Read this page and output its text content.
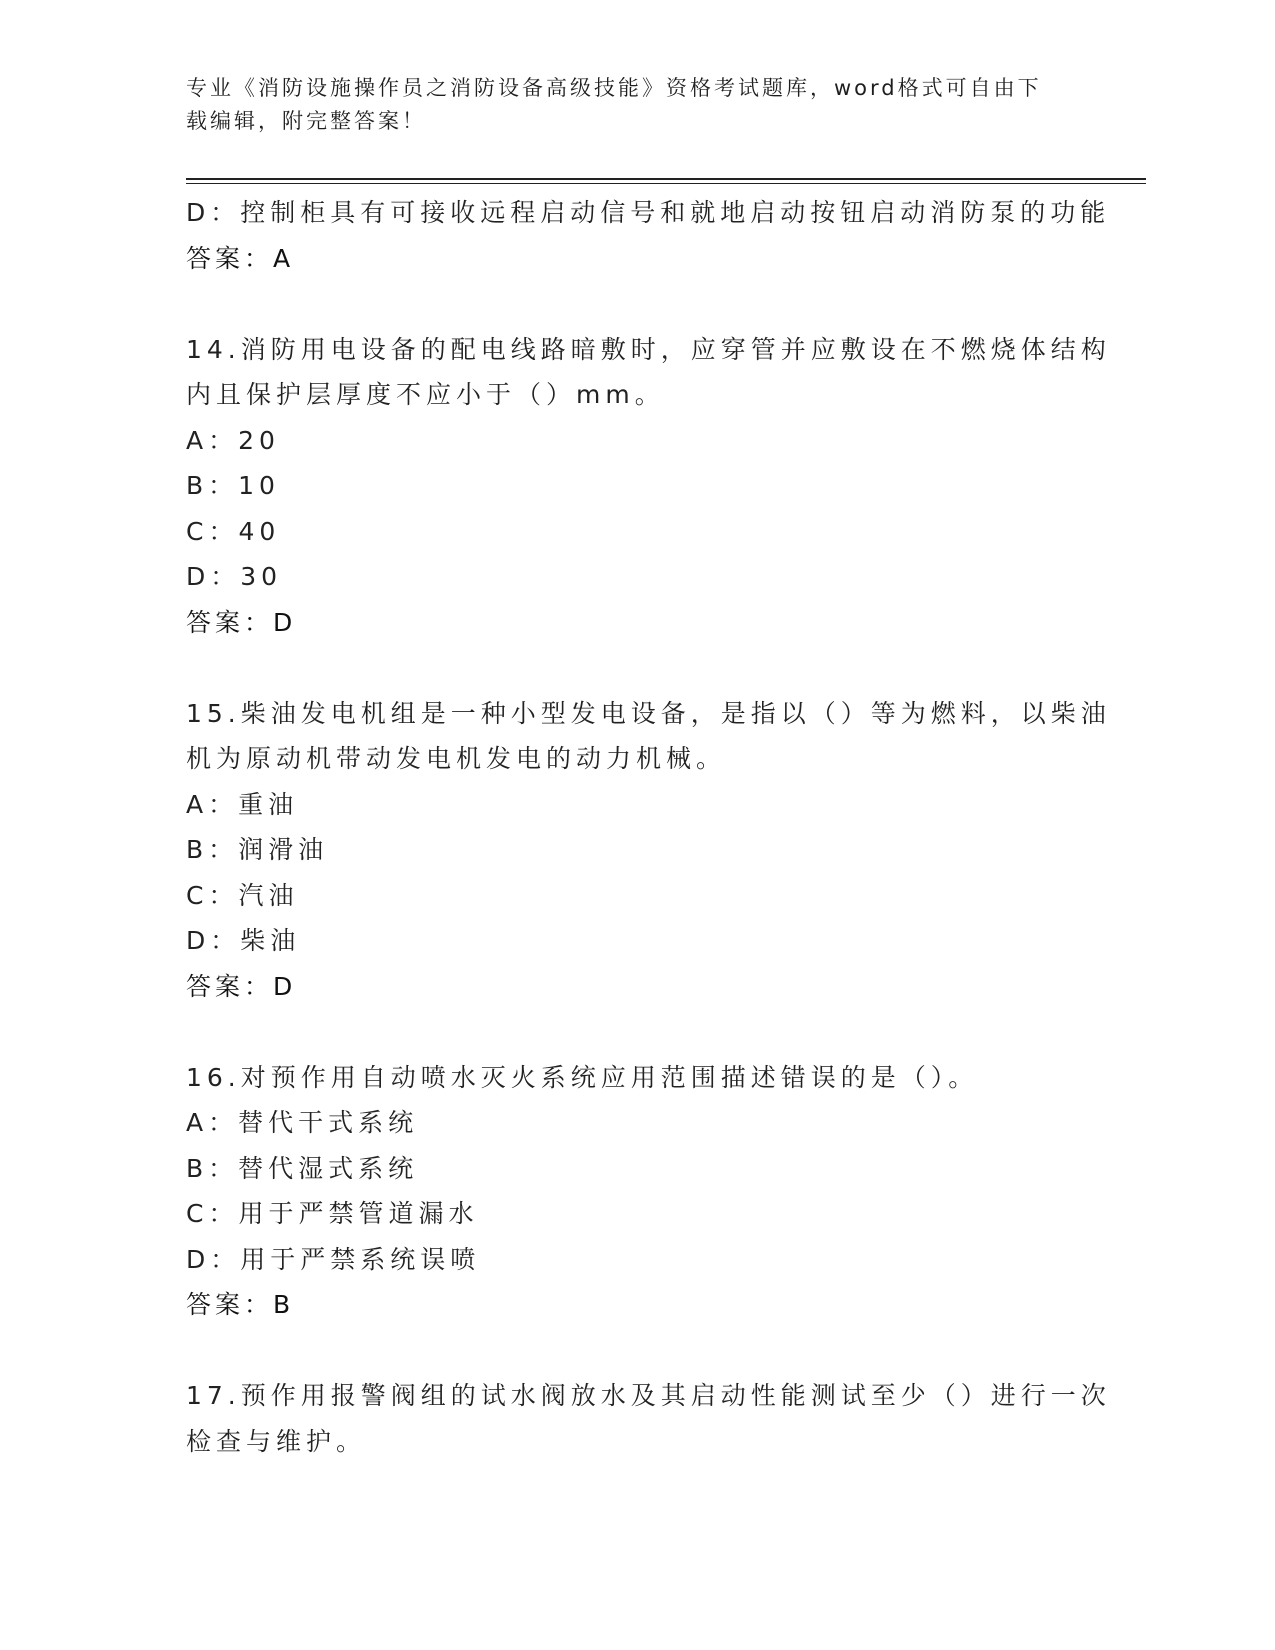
专业《消防设施操作员之消防设备高级技能》资格考试题库，word格式可自由下
载编辑，附完整答案！
D：控制柜具有可接收远程启动信号和就地启动按钮启动消防泵的功能
答案：A
14.消防用电设备的配电线路暗敷时，应穿管并应敷设在不燃烧体结构
内且保护层厚度不应小于（）mm。
A：20
B：10
C：40
D：30
答案：D
15.柴油发电机组是一种小型发电设备，是指以（）等为燃料，以柴油
机为原动机带动发电机发电的动力机械。
A：重油
B：润滑油
C：汽油
D：柴油
答案：D
16.对预作用自动喷水灭火系统应用范围描述错误的是（）。
A：替代干式系统
B：替代湿式系统
C：用于严禁管道漏水
D：用于严禁系统误喷
答案：B
17.预作用报警阀组的试水阀放水及其启动性能测试至少（）进行一次
检查与维护。
